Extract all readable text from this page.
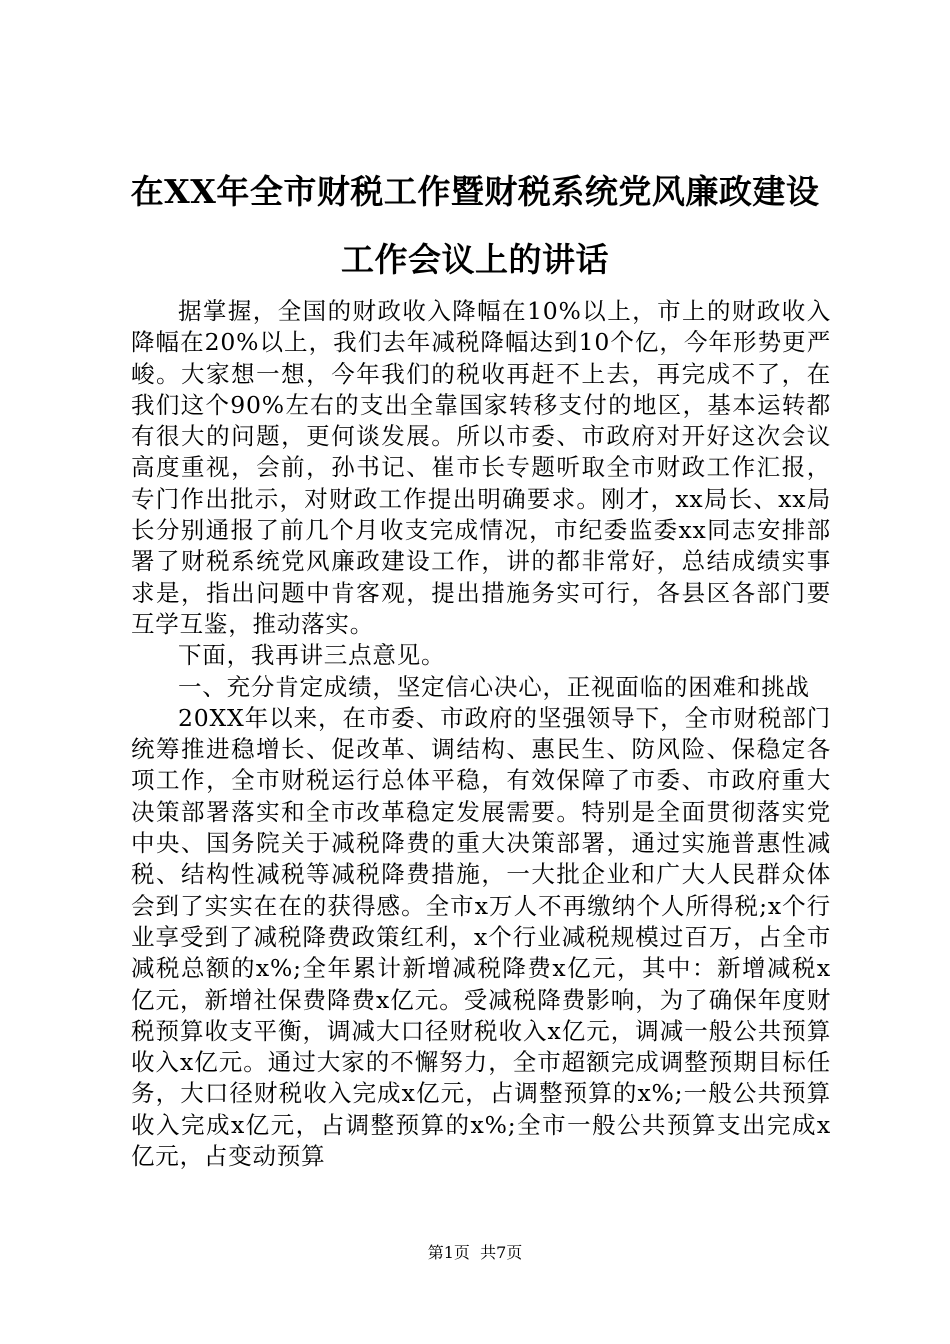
在XX年全市财税工作暨财税系统党风廉政建设工作会议上的讲话

据掌握，全国的财政收入降幅在10%以上，市上的财政收入降幅在20%以上，我们去年减税降幅达到10个亿，今年形势更严峻。大家想一想，今年我们的税收再赶不上去，再完成不了，在我们这个90%左右的支出全靠国家转移支付的地区，基本运转都有很大的问题，更何谈发展。所以市委、市政府对开好这次会议高度重视，会前，孙书记、崔市长专题听取全市财政工作汇报，专门作出批示，对财政工作提出明确要求。刚才，xx局长、xx局长分别通报了前几个月收支完成情况，市纪委监委xx同志安排部署了财税系统党风廉政建设工作，讲的都非常好，总结成绩实事求是，指出问题中肯客观，提出措施务实可行，各县区各部门要互学互鉴，推动落实。

下面，我再讲三点意见。

一、充分肯定成绩，坚定信心决心，正视面临的困难和挑战

20XX年以来，在市委、市政府的坚强领导下，全市财税部门统筹推进稳增长、促改革、调结构、惠民生、防风险、保稳定各项工作，全市财税运行总体平稳，有效保障了市委、市政府重大决策部署落实和全市改革稳定发展需要。特别是全面贯彻落实党中央、国务院关于减税降费的重大决策部署，通过实施普惠性减税、结构性减税等减税降费措施，一大批企业和广大人民群众体会到了实实在在的获得感。全市x万人不再缴纳个人所得税;x个行业享受到了减税降费政策红利，x个行业减税规模过百万，占全市减税总额的x%;全年累计新增减税降费x亿元，其中：新增减税x亿元，新增社保费降费x亿元。受减税降费影响，为了确保年度财税预算收支平衡，调减大口径财税收入x亿元，调减一般公共预算收入x亿元。通过大家的不懈努力，全市超额完成调整预期目标任务，大口径财税收入完成x亿元，占调整预算的x%;一般公共预算收入完成x亿元，占调整预算的x%;全市一般公共预算支出完成x亿元，占变动预算

第1页  共7页
